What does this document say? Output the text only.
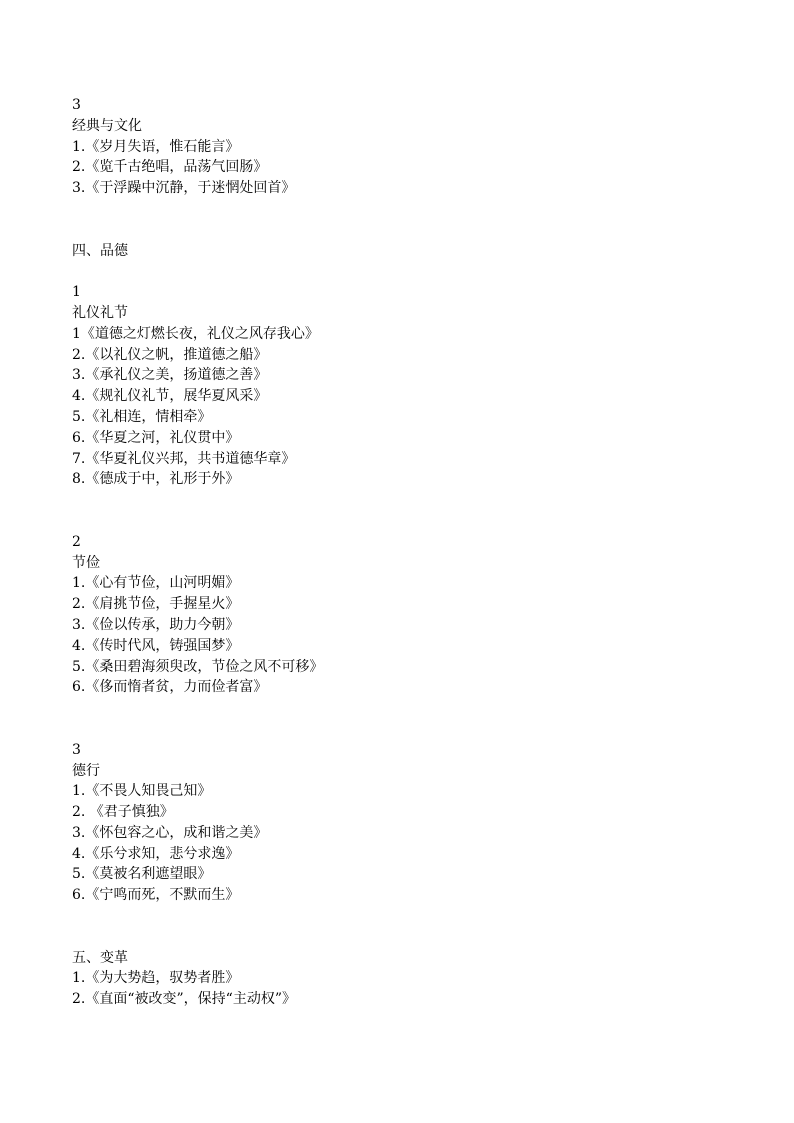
3
经典与文化
1.《岁月失语，惟石能言》
2.《览千古绝唱，品荡气回肠》
3.《于浮躁中沉静，于迷惘处回首》
四、品德
1
礼仪礼节
1《道德之灯燃长夜，礼仪之风存我心》
2.《以礼仪之帆，推道德之船》
3.《承礼仪之美，扬道德之善》
4.《规礼仪礼节，展华夏风采》
5.《礼相连，情相牵》
6.《华夏之河，礼仪贯中》
7.《华夏礼仪兴邦，共书道德华章》
8.《德成于中，礼形于外》
2
节俭
1.《心有节俭，山河明媚》
2.《肩挑节俭，手握星火》
3.《俭以传承，助力今朝》
4.《传时代风，铸强国梦》
5.《桑田碧海须臾改，节俭之风不可移》
6.《侈而惰者贫，力而俭者富》
3
德行
1.《不畏人知畏己知》
2. 《君子慎独》
3.《怀包容之心，成和谐之美》
4.《乐兮求知，悲兮求逸》
5.《莫被名利遮望眼》
6.《宁鸣而死，不默而生》
五、变革
1.《为大势趋，驭势者胜》
2.《直面“被改变”，保持“主动权”》
